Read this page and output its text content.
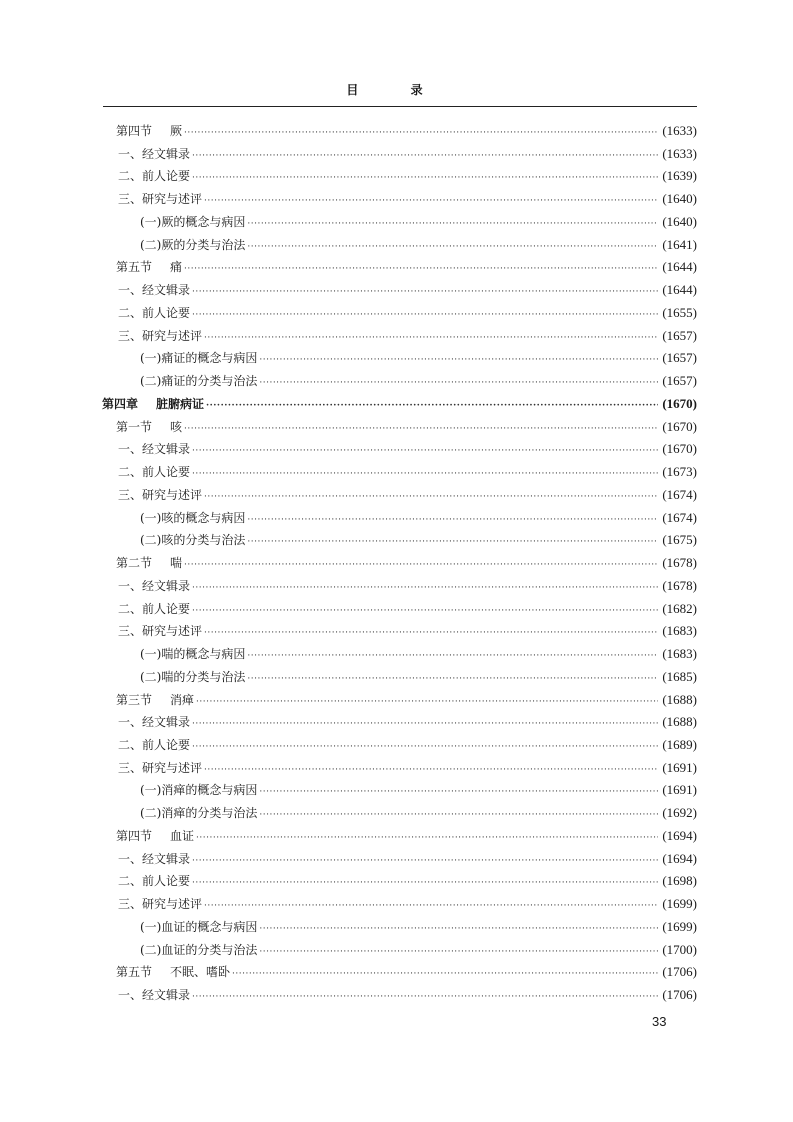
目 录
第四节 厥 ·····	(1633)
一、经文辑录 ·····	(1633)
二、前人论要 ·····	(1639)
三、研究与述评 ·····	(1640)
(一)厥的概念与病因 ·····	(1640)
(二)厥的分类与治法 ·····	(1641)
第五节 痛 ·····	(1644)
一、经文辑录 ·····	(1644)
二、前人论要 ·····	(1655)
三、研究与述评 ·····	(1657)
(一)痛证的概念与病因 ·····	(1657)
(二)痛证的分类与治法 ·····	(1657)
第四章 脏腑病证 ·····	(1670)
第一节 咳 ·····	(1670)
一、经文辑录 ·····	(1670)
二、前人论要 ·····	(1673)
三、研究与述评 ·····	(1674)
(一)咳的概念与病因 ·····	(1674)
(二)咳的分类与治法 ·····	(1675)
第二节 喘 ·····	(1678)
一、经文辑录 ·····	(1678)
二、前人论要 ·····	(1682)
三、研究与述评 ·····	(1683)
(一)喘的概念与病因 ·····	(1683)
(二)喘的分类与治法 ·····	(1685)
第三节 消瘅 ·····	(1688)
一、经文辑录 ·····	(1688)
二、前人论要 ·····	(1689)
三、研究与述评 ·····	(1691)
(一)消瘅的概念与病因 ·····	(1691)
(二)消瘅的分类与治法 ·····	(1692)
第四节 血证 ·····	(1694)
一、经文辑录 ·····	(1694)
二、前人论要 ·····	(1698)
三、研究与述评 ·····	(1699)
(一)血证的概念与病因 ·····	(1699)
(二)血证的分类与治法 ·····	(1700)
第五节 不眠、嗜卧 ·····	(1706)
一、经文辑录 ·····	(1706)
33
